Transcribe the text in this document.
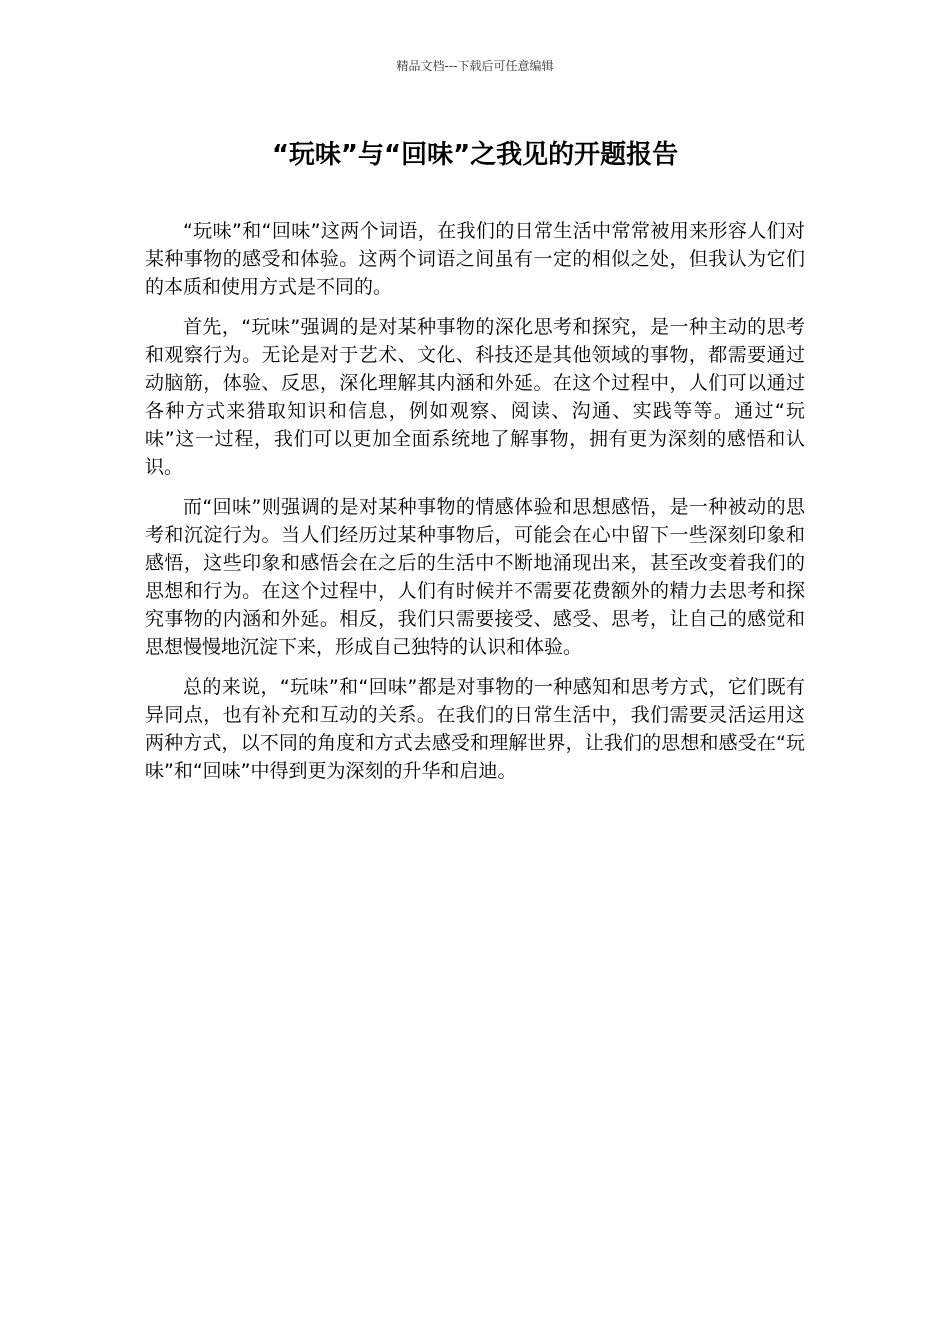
精品文档---下载后可任意编辑
“玩味”与“回味”之我见的开题报告

“玩味”和“回味”这两个词语，在我们的日常生活中常常被用来形容人们对某种事物的感受和体验。这两个词语之间虽有一定的相似之处，但我认为它们的本质和使用方式是不同的。

首先，“玩味”强调的是对某种事物的深化思考和探究，是一种主动的思考和观察行为。无论是对于艺术、文化、科技还是其他领域的事物，都需要通过动脑筋，体验、反思，深化理解其内涵和外延。在这个过程中，人们可以通过各种方式来猎取知识和信息，例如观察、阅读、沟通、实践等等。通过“玩味”这一过程，我们可以更加全面系统地了解事物，拥有更为深刻的感悟和认识。

而“回味”则强调的是对某种事物的情感体验和思想感悟，是一种被动的思考和沉淀行为。当人们经历过某种事物后，可能会在心中留下一些深刻印象和感悟，这些印象和感悟会在之后的生活中不断地涌现出来，甚至改变着我们的思想和行为。在这个过程中，人们有时候并不需要花费额外的精力去思考和探究事物的内涵和外延。相反，我们只需要接受、感受、思考，让自己的感觉和思想慢慢地沉淀下来，形成自己独特的认识和体验。

总的来说，“玩味”和“回味”都是对事物的一种感知和思考方式，它们既有异同点，也有补充和互动的关系。在我们的日常生活中，我们需要灵活运用这两种方式，以不同的角度和方式去感受和理解世界，让我们的思想和感受在“玩味”和“回味”中得到更为深刻的升华和启迪。
